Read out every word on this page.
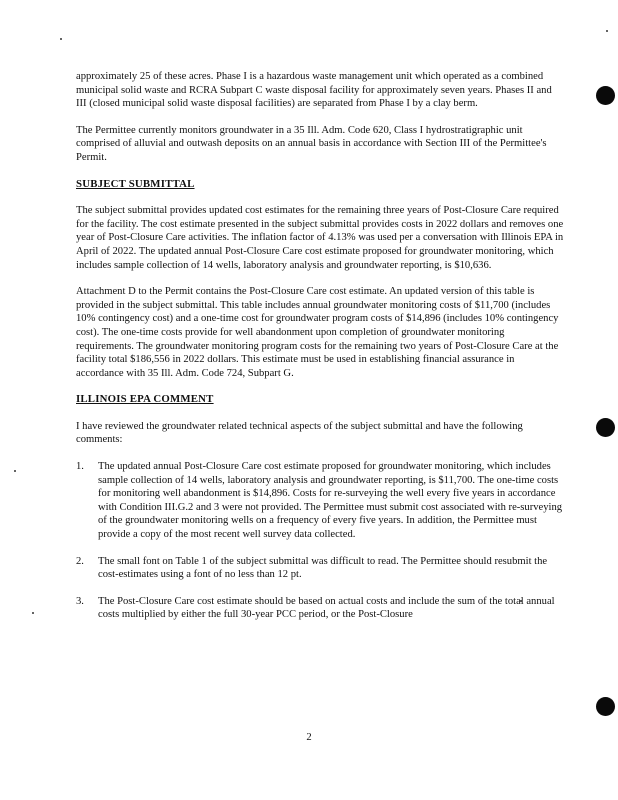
approximately 25 of these acres. Phase I is a hazardous waste management unit which operated as a combined municipal solid waste and RCRA Subpart C waste disposal facility for approximately seven years. Phases II and III (closed municipal solid waste disposal facilities) are separated from Phase I by a clay berm.

The Permittee currently monitors groundwater in a 35 Ill. Adm. Code 620, Class I hydrostratigraphic unit comprised of alluvial and outwash deposits on an annual basis in accordance with Section III of the Permittee's Permit.

SUBJECT SUBMITTAL

The subject submittal provides updated cost estimates for the remaining three years of Post-Closure Care required for the facility. The cost estimate presented in the subject submittal provides costs in 2022 dollars and removes one year of Post-Closure Care activities. The inflation factor of 4.13% was used per a conversation with Illinois EPA in April of 2022. The updated annual Post-Closure Care cost estimate proposed for groundwater monitoring, which includes sample collection of 14 wells, laboratory analysis and groundwater reporting, is $10,636.

Attachment D to the Permit contains the Post-Closure Care cost estimate. An updated version of this table is provided in the subject submittal. This table includes annual groundwater monitoring costs of $11,700 (includes 10% contingency cost) and a one-time cost for groundwater program costs of $14,896 (includes 10% contingency cost). The one-time costs provide for well abandonment upon completion of groundwater monitoring requirements. The groundwater monitoring program costs for the remaining two years of Post-Closure Care at the facility total $186,556 in 2022 dollars. This estimate must be used in establishing financial assurance in accordance with 35 Ill. Adm. Code 724, Subpart G.

ILLINOIS EPA COMMENT

I have reviewed the groundwater related technical aspects of the subject submittal and have the following comments:

1. The updated annual Post-Closure Care cost estimate proposed for groundwater monitoring, which includes sample collection of 14 wells, laboratory analysis and groundwater reporting, is $11,700. The one-time costs for monitoring well abandonment is $14,896. Costs for re-surveying the well every five years in accordance with Condition III.G.2 and 3 were not provided. The Permittee must submit cost associated with re-surveying of the groundwater monitoring wells on a frequency of every five years. In addition, the Permittee must provide a copy of the most recent well survey data collected.
2. The small font on Table 1 of the subject submittal was difficult to read. The Permittee should resubmit the cost-estimates using a font of no less than 12 pt.
3. The Post-Closure Care cost estimate should be based on actual costs and include the sum of the total annual costs multiplied by either the full 30-year PCC period, or the Post-Closure
2
